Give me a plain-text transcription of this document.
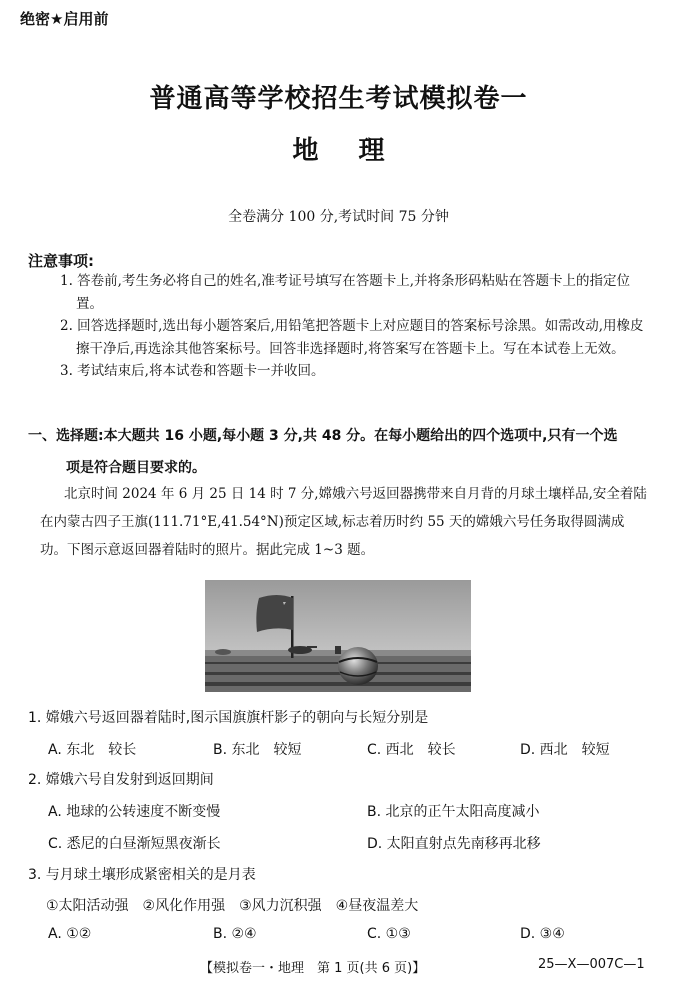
绝密★启用前
普通高等学校招生考试模拟卷一
地理
全卷满分 100 分,考试时间 75 分钟
注意事项:
1. 答卷前,考生务必将自己的姓名,准考证号填写在答题卡上,并将条形码粘贴在答题卡上的指定位置。
2. 回答选择题时,选出每小题答案后,用铅笔把答题卡上对应题目的答案标号涂黑。如需改动,用橡皮擦干净后,再选涂其他答案标号。回答非选择题时,将答案写在答题卡上。写在本试卷上无效。
3. 考试结束后,将本试卷和答题卡一并收回。
一、选择题:本大题共 16 小题,每小题 3 分,共 48 分。在每小题给出的四个选项中,只有一个选
项是符合题目要求的。
北京时间 2024 年 6 月 25 日 14 时 7 分,嫦娥六号返回器携带来自月背的月球土壤样品,安全着陆在内蒙古四子王旗(111.71°E,41.54°N)预定区域,标志着历时约 55 天的嫦娥六号任务取得圆满成功。下图示意返回器着陆时的照片。据此完成 1~3 题。
1. 嫦娥六号返回器着陆时,图示国旗旗杆影子的朝向与长短分别是
A. 东北　较长	B. 东北　较短	C. 西北　较长	D. 西北　较短
2. 嫦娥六号自发射到返回期间
A. 地球的公转速度不断变慢	B. 北京的正午太阳高度减小
C. 悉尼的白昼渐短黑夜渐长	D. 太阳直射点先南移再北移
3. 与月球土壤形成紧密相关的是月表
①太阳活动强　②风化作用强　③风力沉积强　④昼夜温差大
A. ①②	B. ②④	C. ①③	D. ③④
【模拟卷一・地理　第 1 页(共 6 页)】	25—X—007C—1
